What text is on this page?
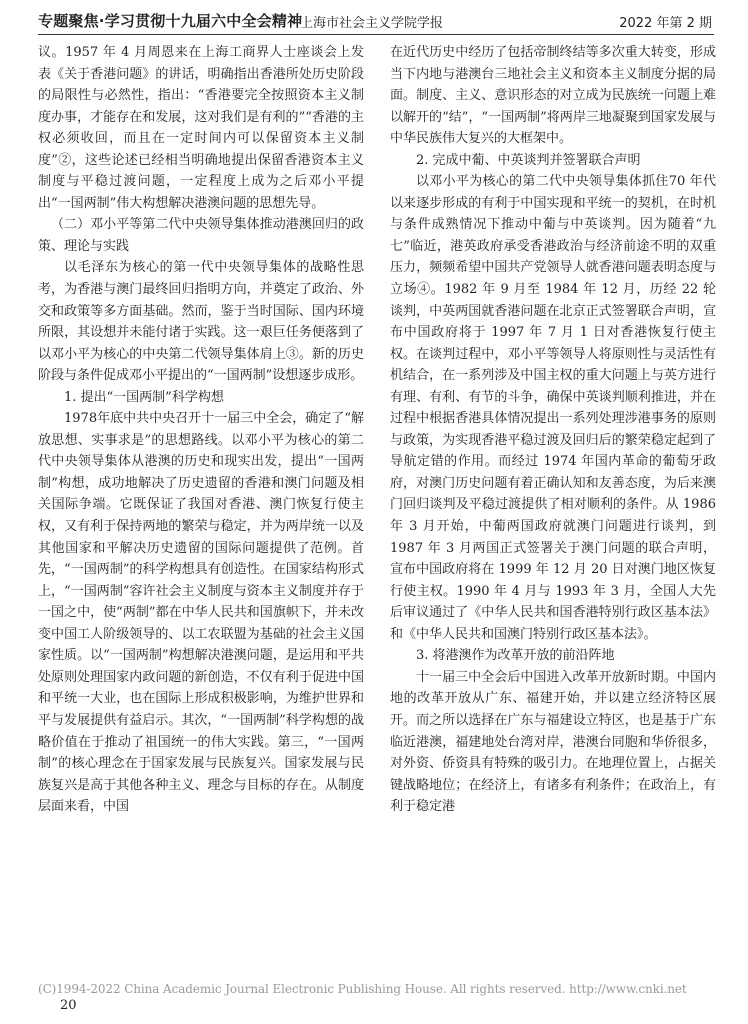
专题聚焦·学习贯彻十九届六中全会精神
上海市社会主义学院学报	2022 年第 2 期

议。1957 年 4 月周恩来在上海工商界人士座谈会上发表《关于香港问题》的讲话，明确指出香港所处历史阶段的局限性与必然性，指出：“香港要完全按照资本主义制度办事，才能存在和发展，这对我们是有利的”“香港的主权必须收回，而且在一定时间内可以保留资本主义制度”②，这些论述已经相当明确地提出保留香港资本主义制度与平稳过渡问题，一定程度上成为之后邓小平提出“一国两制”伟大构想解决港澳问题的思想先导。

（二）邓小平等第二代中央领导集体推动港澳回归的政策、理论与实践

以毛泽东为核心的第一代中央领导集体的战略性思考，为香港与澳门最终回归指明方向，并奠定了政治、外交和政策等多方面基础。然而，鉴于当时国际、国内环境所限，其设想并未能付诸于实践。这一艰巨任务便落到了以邓小平为核心的中央第二代领导集体肩上③。新的历史阶段与条件促成邓小平提出的“一国两制”设想逐步成形。

1. 提出“一国两制”科学构想

1978年底中共中央召开十一届三中全会，确定了“解放思想、实事求是”的思想路线。以邓小平为核心的第二代中央领导集体从港澳的历史和现实出发，提出“一国两制”构想，成功地解决了历史遗留的香港和澳门问题及相关国际争端。它既保证了我国对香港、澳门恢复行使主权，又有利于保持两地的繁荣与稳定，并为两岸统一以及其他国家和平解决历史遗留的国际问题提供了范例。首先，“一国两制”的科学构想具有创造性。在国家结构形式上，“一国两制”容许社会主义制度与资本主义制度并存于一国之中，使“两制”都在中华人民共和国旗帜下，并未改变中国工人阶级领导的、以工农联盟为基础的社会主义国家性质。以“一国两制”构想解决港澳问题，是运用和平共处原则处理国家内政问题的新创造，不仅有利于促进中国和平统一大业，也在国际上形成积极影响，为维护世界和平与发展提供有益启示。其次，“一国两制”科学构想的战略价值在于推动了祖国统一的伟大实践。第三，“一国两制”的核心理念在于国家发展与民族复兴。国家发展与民族复兴是高于其他各种主义、理念与目标的存在。从制度层面来看，中国

在近代历史中经历了包括帝制终结等多次重大转变，形成当下内地与港澳台三地社会主义和资本主义制度分据的局面。制度、主义、意识形态的对立成为民族统一问题上难以解开的“结”，“一国两制”将两岸三地凝聚到国家发展与中华民族伟大复兴的大框架中。

2. 完成中葡、中英谈判并签署联合声明

以邓小平为核心的第二代中央领导集体抓住70 年代以来逐步形成的有利于中国实现和平统一的契机，在时机与条件成熟情况下推动中葡与中英谈判。因为随着“九七”临近，港英政府承受香港政治与经济前途不明的双重压力，频频希望中国共产党领导人就香港问题表明态度与立场④。1982 年 9 月至 1984 年 12 月，历经 22 轮谈判，中英两国就香港问题在北京正式签署联合声明，宣布中国政府将于 1997 年 7 月 1 日对香港恢复行使主权。在谈判过程中，邓小平等领导人将原则性与灵活性有机结合，在一系列涉及中国主权的重大问题上与英方进行有理、有利、有节的斗争，确保中英谈判顺利推进，并在过程中根据香港具体情况提出一系列处理涉港事务的原则与政策，为实现香港平稳过渡及回归后的繁荣稳定起到了导航定错的作用。而经过 1974 年国内革命的葡萄牙政府，对澳门历史问题有着正确认知和友善态度，为后来澳门回归谈判及平稳过渡提供了相对顺利的条件。从 1986 年 3 月开始，中葡两国政府就澳门问题进行谈判，到 1987 年 3 月两国正式签署关于澳门问题的联合声明，宣布中国政府将在 1999 年 12 月 20 日对澳门地区恢复行使主权。1990 年 4 月与 1993 年 3 月，全国人大先后审议通过了《中华人民共和国香港特别行政区基本法》和《中华人民共和国澳门特别行政区基本法》。

3. 将港澳作为改革开放的前沿阵地

十一届三中全会后中国进入改革开放新时期。中国内地的改革开放从广东、福建开始，并以建立经济特区展开。而之所以选择在广东与福建设立特区，也是基于广东临近港澳，福建地处台湾对岸，港澳台同胞和华侨很多，对外资、侨资具有特殊的吸引力。在地理位置上，占据关键战略地位；在经济上，有诸多有利条件；在政治上，有利于稳定港

(C)1994-2022 China Academic Journal Electronic Publishing House. All rights reserved. http://www.cnki.net
20
